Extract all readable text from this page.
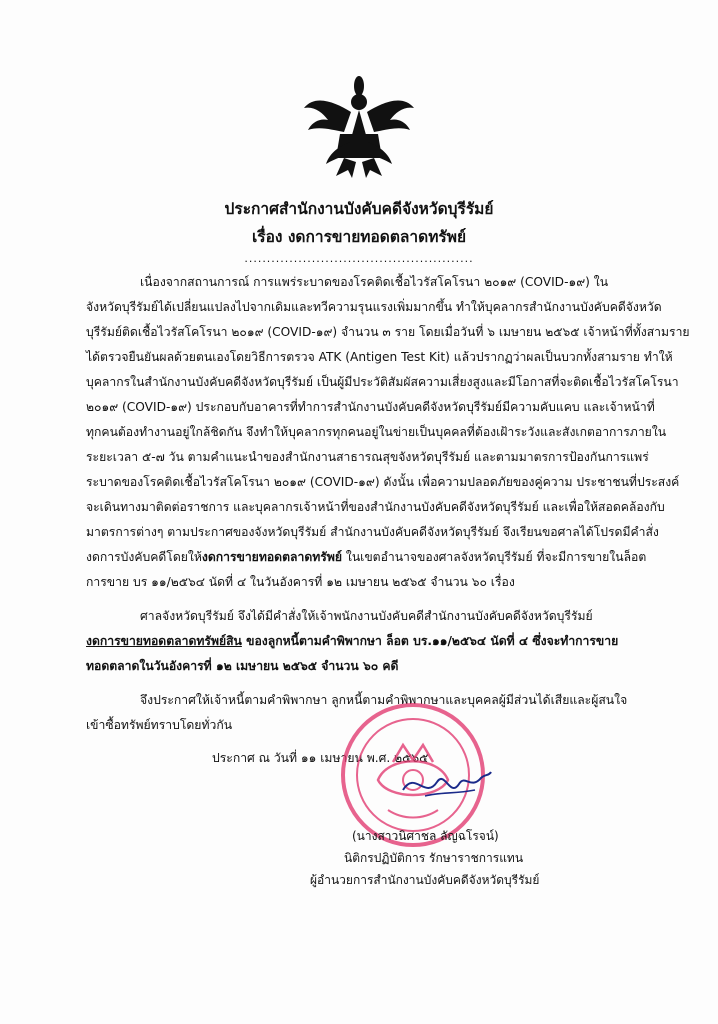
ประกาศสำนักงานบังคับคดีจังหวัดบุรีรัมย์
เรื่อง งดการขายทอดตลาดทรัพย์
...................................................
เนื่องจากสถานการณ์ การแพร่ระบาดของโรคติดเชื้อไวรัสโคโรนา ๒๐๑๙ (COVID-๑๙) ใน
จังหวัดบุรีรัมย์ได้เปลี่ยนแปลงไปจากเดิมและทวีความรุนแรงเพิ่มมากขึ้น ทำให้บุคลากรสำนักงานบังคับคดีจังหวัด
บุรีรัมย์ติดเชื้อไวรัสโคโรนา ๒๐๑๙ (COVID-๑๙) จำนวน ๓ ราย โดยเมื่อวันที่ ๖ เมษายน ๒๕๖๕ เจ้าหน้าที่ทั้งสามราย
ได้ตรวจยืนยันผลด้วยตนเองโดยวิธีการตรวจ ATK (Antigen Test Kit) แล้วปรากฏว่าผลเป็นบวกทั้งสามราย ทำให้
บุคลากรในสำนักงานบังคับคดีจังหวัดบุรีรัมย์ เป็นผู้มีประวัติสัมผัสความเสี่ยงสูงและมีโอกาสที่จะติดเชื้อไวรัสโคโรนา
๒๐๑๙ (COVID-๑๙) ประกอบกับอาคารที่ทำการสำนักงานบังคับคดีจังหวัดบุรีรัมย์มีความคับแคบ และเจ้าหน้าที่
ทุกคนต้องทำงานอยู่ใกล้ชิดกัน จึงทำให้บุคลากรทุกคนอยู่ในข่ายเป็นบุคคลที่ต้องเฝ้าระวังและสังเกตอาการภายใน
ระยะเวลา ๕-๗ วัน ตามคำแนะนำของสำนักงานสาธารณสุขจังหวัดบุรีรัมย์ และตามมาตรการป้องกันการแพร่
ระบาดของโรคติดเชื้อไวรัสโคโรนา ๒๐๑๙ (COVID-๑๙) ดังนั้น เพื่อความปลอดภัยของคู่ความ ประชาชนที่ประสงค์
จะเดินทางมาติดต่อราชการ และบุคลากรเจ้าหน้าที่ของสำนักงานบังคับคดีจังหวัดบุรีรัมย์ และเพื่อให้สอดคล้องกับ
มาตรการต่างๆ ตามประกาศของจังหวัดบุรีรัมย์ สำนักงานบังคับคดีจังหวัดบุรีรัมย์ จึงเรียนขอศาลได้โปรดมีคำสั่ง
งดการบังคับคดีโดยให้งดการขายทอดตลาดทรัพย์ ในเขตอำนาจของศาลจังหวัดบุรีรัมย์ ที่จะมีการขายในล็อต
การขาย บร ๑๑/๒๕๖๔ นัดที่ ๔ ในวันอังคารที่ ๑๒ เมษายน ๒๕๖๕ จำนวน ๖๐ เรื่อง
ศาลจังหวัดบุรีรัมย์ จึงได้มีคำสั่งให้เจ้าพนักงานบังคับคดีสำนักงานบังคับคดีจังหวัดบุรีรัมย์
งดการขายทอดตลาดทรัพย์สิน ของลูกหนี้ตามคำพิพากษา ล็อต บร.๑๑/๒๕๖๔ นัดที่ ๔ ซึ่งจะทำการขาย
ทอดตลาดในวันอังคารที่ ๑๒ เมษายน ๒๕๖๕ จำนวน ๖๐ คดี
จึงประกาศให้เจ้าหนี้ตามคำพิพากษา ลูกหนี้ตามคำพิพากษาและบุคคลผู้มีส่วนได้เสียและผู้สนใจ
เข้าซื้อทรัพย์ทราบโดยทั่วกัน
ประกาศ ณ วันที่ ๑๑ เมษายน พ.ศ. ๒๕๖๕
(นางสาวนิศาชล ลัญฉโรจน์)
นิติกรปฏิบัติการ รักษาราชการแทน
ผู้อำนวยการสำนักงานบังคับคดีจังหวัดบุรีรัมย์
